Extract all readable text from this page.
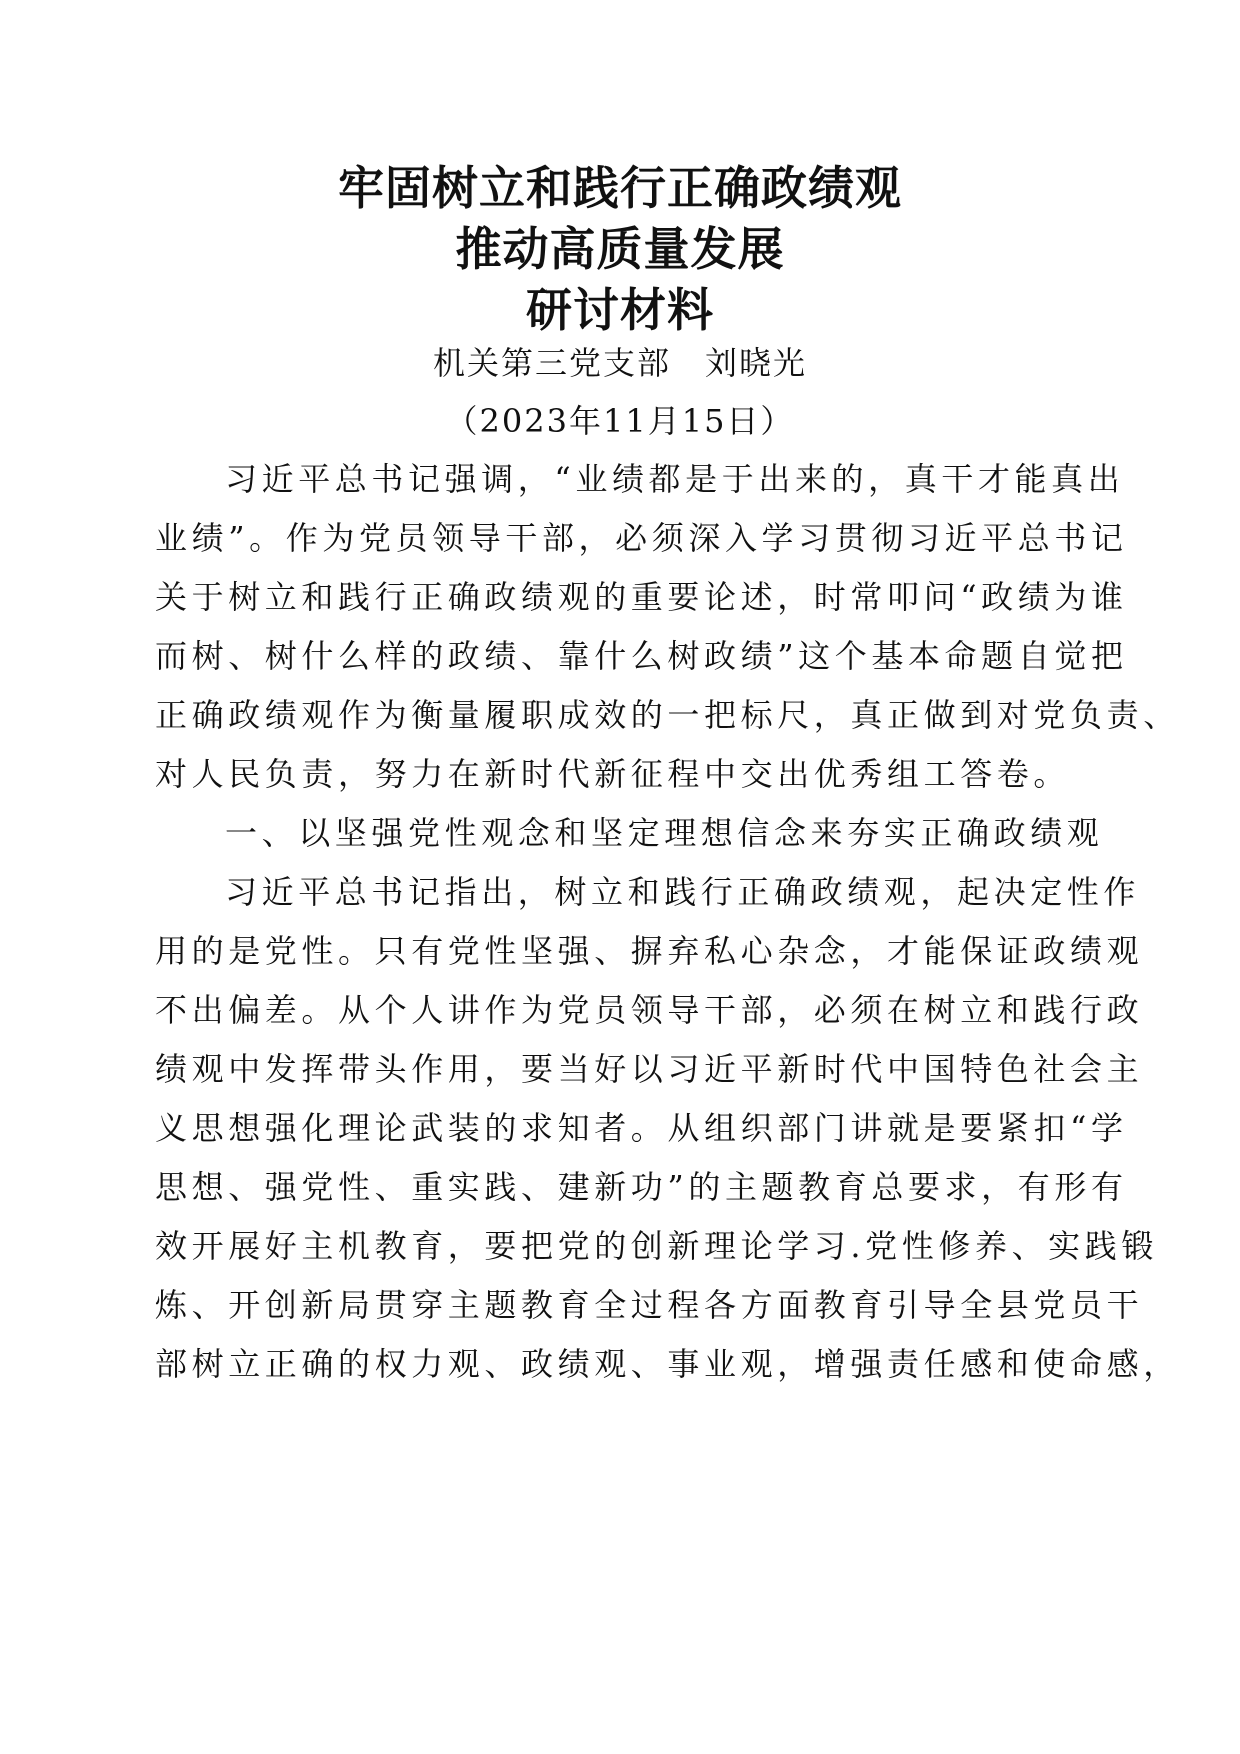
牢固树立和践行正确政绩观
推动高质量发展
研讨材料
机关第三党支部　刘晓光
（2023年11月15日）
习近平总书记强调，“业绩都是于出来的，真干才能真出
业绩”。作为党员领导干部，必须深入学习贯彻习近平总书记
关于树立和践行正确政绩观的重要论述，时常叩问“政绩为谁
而树、树什么样的政绩、靠什么树政绩”这个基本命题自觉把
正确政绩观作为衡量履职成效的一把标尺，真正做到对党负责、
对人民负责，努力在新时代新征程中交出优秀组工答卷。
一、以坚强党性观念和坚定理想信念来夯实正确政绩观
习近平总书记指出，树立和践行正确政绩观，起决定性作
用的是党性。只有党性坚强、摒弃私心杂念，才能保证政绩观
不出偏差。从个人讲作为党员领导干部，必须在树立和践行政
绩观中发挥带头作用，要当好以习近平新时代中国特色社会主
义思想强化理论武装的求知者。从组织部门讲就是要紧扣“学
思想、强党性、重实践、建新功”的主题教育总要求，有形有
效开展好主机教育，要把党的创新理论学习.党性修养、实践锻
炼、开创新局贯穿主题教育全过程各方面教育引导全县党员干
部树立正确的权力观、政绩观、事业观，增强责任感和使命感，
